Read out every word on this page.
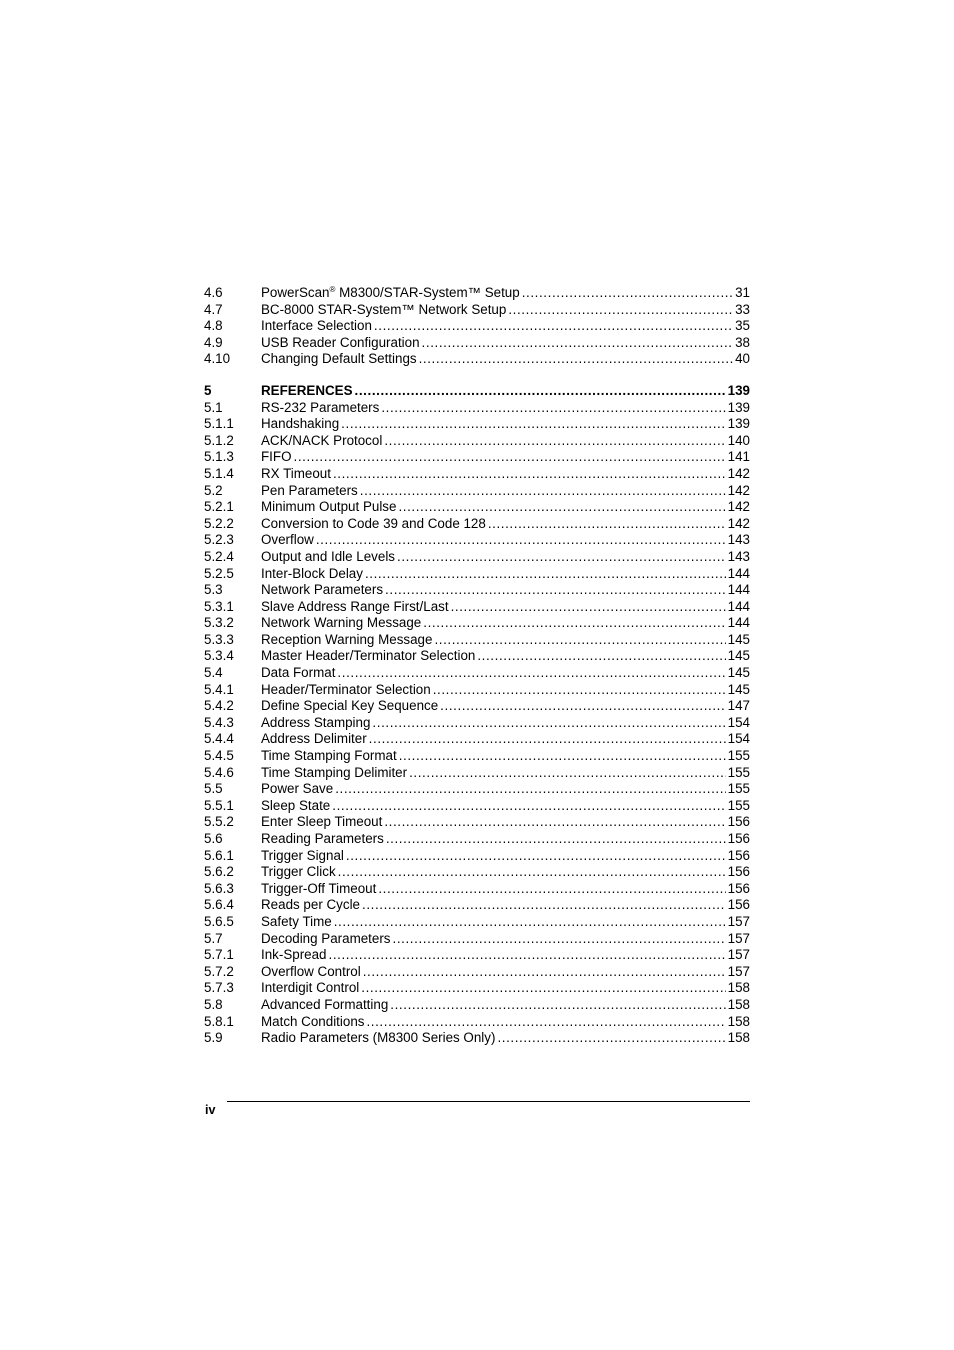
4.6	PowerScan® M8300/STAR-System™ Setup .....	31
4.7	BC-8000 STAR-System™ Network Setup .....	33
4.8	Interface Selection .....	35
4.9	USB Reader Configuration .....	38
4.10	Changing Default Settings .....	40
5	REFERENCES .....	139
5.1	RS-232 Parameters .....	139
5.1.1	Handshaking .....	139
5.1.2	ACK/NACK Protocol .....	140
5.1.3	FIFO .....	141
5.1.4	RX Timeout .....	142
5.2	Pen Parameters .....	142
5.2.1	Minimum Output Pulse .....	142
5.2.2	Conversion to Code 39 and Code 128 .....	142
5.2.3	Overflow .....	143
5.2.4	Output and Idle Levels .....	143
5.2.5	Inter-Block Delay .....	144
5.3	Network Parameters .....	144
5.3.1	Slave Address Range First/Last .....	144
5.3.2	Network Warning Message .....	144
5.3.3	Reception Warning Message .....	145
5.3.4	Master Header/Terminator Selection .....	145
5.4	Data Format .....	145
5.4.1	Header/Terminator Selection .....	145
5.4.2	Define Special Key Sequence .....	147
5.4.3	Address Stamping .....	154
5.4.4	Address Delimiter .....	154
5.4.5	Time Stamping Format .....	155
5.4.6	Time Stamping Delimiter .....	155
5.5	Power Save .....	155
5.5.1	Sleep State .....	155
5.5.2	Enter Sleep Timeout .....	156
5.6	Reading Parameters .....	156
5.6.1	Trigger Signal .....	156
5.6.2	Trigger Click .....	156
5.6.3	Trigger-Off Timeout .....	156
5.6.4	Reads per Cycle .....	156
5.6.5	Safety Time .....	157
5.7	Decoding Parameters .....	157
5.7.1	Ink-Spread .....	157
5.7.2	Overflow Control .....	157
5.7.3	Interdigit Control .....	158
5.8	Advanced Formatting .....	158
5.8.1	Match Conditions .....	158
5.9	Radio Parameters (M8300 Series Only) .....	158
iv
